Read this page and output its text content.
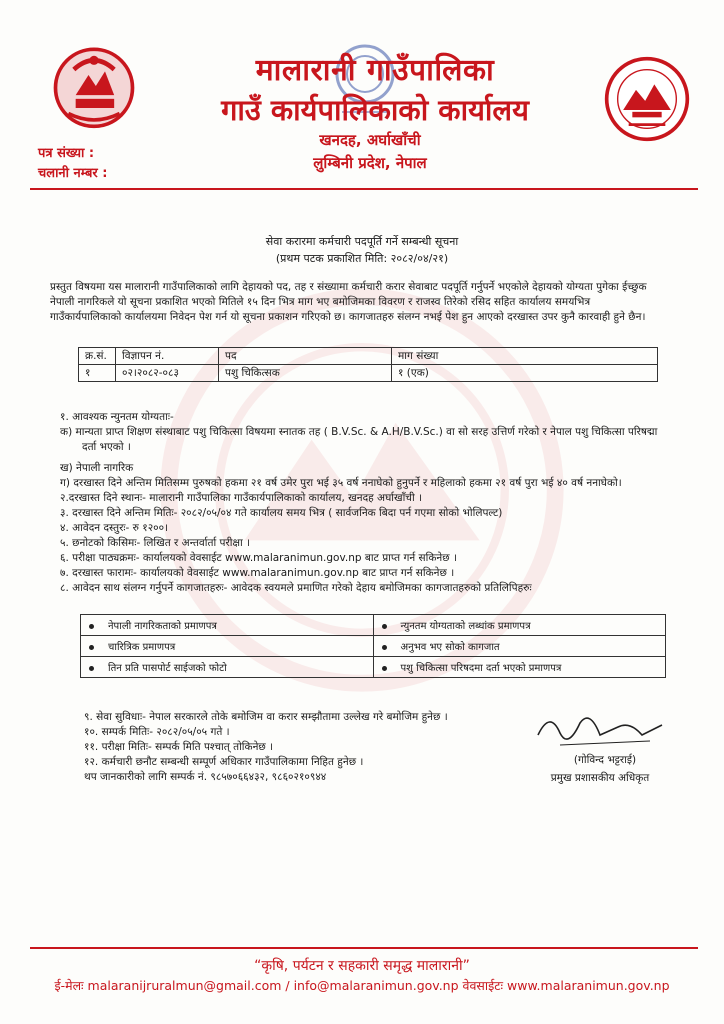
मालारानी गाउँपालिका
गाउँ कार्यपालिकाको कार्यालय
खनदह, अर्घाखाँची
लुम्बिनी प्रदेश, नेपाल
पत्र संख्या :
चलानी नम्बर :
सेवा करारमा कर्मचारी पदपूर्ति गर्ने सम्बन्धी सूचना
(प्रथम पटक प्रकाशित मिति: २०८२/०४/२१)
प्रस्तुत विषयमा यस मालारानी गाउँपालिकाको लागि देहायको पद, तह र संख्यामा कर्मचारी करार सेवाबाट पदपूर्ति गर्नुपर्ने भएकोले देहायको योग्यता पुगेका ईच्छुक
नेपाली नागरिकले यो सूचना प्रकाशित भएको मितिले १५ दिन भित्र माग भए बमोजिमका विवरण र राजस्व तिरेको रसिद सहित कार्यालय समयभित्र
गाउँकार्यपालिकाको कार्यालयमा निवेदन पेश गर्न यो सूचना प्रकाशन गरिएको छ। कागजातहरु संलग्न नभई पेश हुन आएको दरखास्त उपर कुनै कारवाही हुने छैन।
क्र.सं.	विज्ञापन नं.	पद	माग संख्या
१	०२।२०८२-०८३	पशु चिकित्सक	१ (एक)
१. आवश्यक न्युनतम योग्यताः-
क) मान्यता प्राप्त शिक्षण संस्थाबाट पशु चिकित्सा विषयमा स्नातक तह ( B.V.Sc. & A.H/B.V.Sc.) वा सो सरह उत्तिर्ण गरेको र नेपाल पशु चिकित्सा परिषद्मा
दर्ता भएको ।
ख) नेपाली नागरिक
ग) दरखास्त दिने अन्तिम मितिसम्म पुरुषको हकमा २१ वर्ष उमेर पुरा भई ३५ वर्ष ननाघेको हुनुपर्ने र महिलाको हकमा २१ वर्ष पुरा भई ४० वर्ष ननाघेको।
२.दरखास्त दिने स्थानः- मालारानी गाउँपालिका गाउँकार्यपालिकाको कार्यालय, खनदह अर्घाखाँची ।
३. दरखास्त दिने अन्तिम मितिः- २०८२/०५/०४ गते कार्यालय समय भित्र ( सार्वजनिक बिदा पर्न गएमा सोको भोलिपल्ट)
४. आवेदन दस्तुरः- रु १२००।
५. छनोटको किसिमः- लिखित र अन्तर्वार्ता परीक्षा ।
६. परीक्षा पाठ्यक्रमः- कार्यालयको वेवसाईट www.malaranimun.gov.np बाट प्राप्त गर्न सकिनेछ ।
७. दरखास्त फारामः- कार्यालयको वेवसाईट www.malaranimun.gov.np बाट प्राप्त गर्न सकिनेछ ।
८. आवेदन साथ संलग्न गर्नुपर्ने कागजातहरुः- आवेदक स्वयमले प्रमाणित गरेको देहाय बमोजिमका कागजातहरुको प्रतिलिपिहरुः
नेपाली नागरिकताको प्रमाणपत्र	न्युनतम योग्यताको लब्धांक प्रमाणपत्र
चारित्रिक प्रमाणपत्र	अनुभव भए सोको कागजात
तिन प्रति पासपोर्ट साईजको फोटो	पशु चिकित्सा परिषदमा दर्ता भएको प्रमाणपत्र
९. सेवा सुविधाः- नेपाल सरकारले तोके बमोजिम वा करार सम्झौतामा उल्लेख गरे बमोजिम हुनेछ ।
१०. सम्पर्क मितिः- २०८२/०५/०५ गते ।
११. परीक्षा मितिः- सम्पर्क मिति पश्चात् तोकिनेछ ।
१२. कर्मचारी छनौट सम्बन्धी सम्पूर्ण अधिकार गाउँपालिकामा निहित हुनेछ ।
थप जानकारीको लागि सम्पर्क नं. ९८५७०६६४३२, ९८६०२१०९४४
(गोविन्द भट्टराई)
प्रमुख प्रशासकीय अधिकृत
“कृषि, पर्यटन र सहकारी समृद्ध मालारानी”
ई-मेलः malaranijruralmun@gmail.com / info@malaranimun.gov.np वेवसाईटः www.malaranimun.gov.np
